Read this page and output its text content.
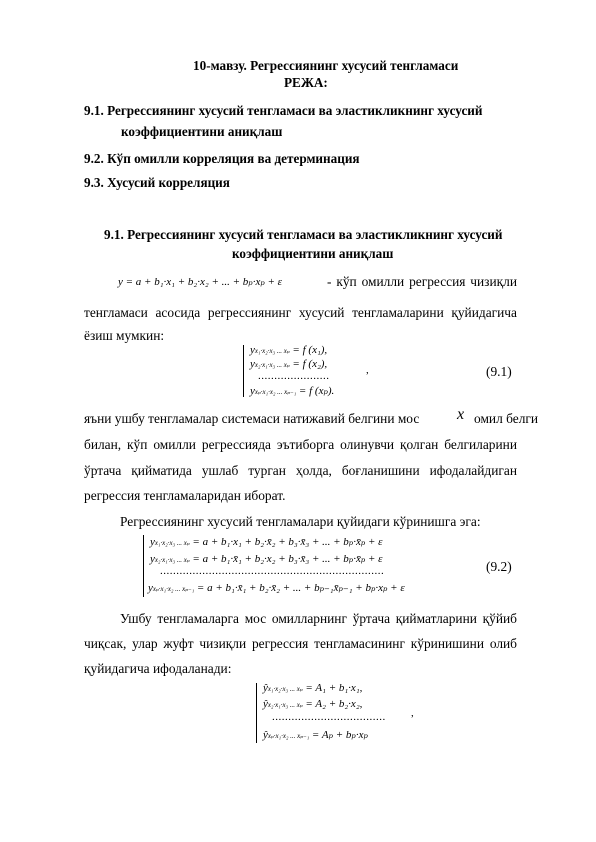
10-мавзу. Регрессиянинг хусусий тенгламаси
РЕЖА:
9.1. Регрессиянинг хусусий тенгламаси ва эластикликнинг хусусий
коэффициентини аниқлаш
9.2. Кўп омилли корреляция ва детерминация
9.3. Хусусий корреляция
9.1. Регрессиянинг хусусий тенгламаси ва эластикликнинг хусусий
коэффициентини аниқлаш
y = a + b₁·x₁ + b₂·x₂ + ... + bₚ·xₚ + ε	- кўп омилли регрессия чизиқли
тенгламаси асосида регрессиянинг хусусий тенгламаларини қуйидагича
ёзиш мумкин:
yx₁·x₂·x₃ ... xₚ = f (x₁),
yx₂·x₁·x₃ ... xₚ = f (x₂),
......................
yxₚ·x₁·x₂ ... xₚ₋₁ = f (xₚ).
,	(9.1)
яъни ушбу тенгламалар системаси натижавий белгини мос x омил белги
билан, кўп омилли регрессияда эътиборга олинувчи қолган белгиларини
ўртача қийматида ушлаб турган ҳолда, боғланишини ифодалайдиган
регрессия тенгламаларидан иборат.
Регрессиянинг хусусий тенгламалари қуйидаги кўринишга эга:
yx₁·x₂·x₃ ... xₚ = a + b₁·x₁ + b₂·x̄₂ + b₃·x̄₃ + ... + bₚ·x̄ₚ + ε
yx₂·x₁·x₃ ... xₚ = a + b₁·x̄₁ + b₂·x₂ + b₃·x̄₃ + ... + bₚ·x̄ₚ + ε
.....................................................................
yxₚ·x₁·x₂ ... xₚ₋₁ = a + b₁·x̄₁ + b₂·x̄₂ + ... + bₚ₋₁x̄ₚ₋₁ + bₚ·xₚ + ε
(9.2)
Ушбу тенгламаларга мос омилларнинг ўртача қийматларини қўйиб
чиқсак, улар жуфт чизиқли регрессия тенгламасининг кўринишини олиб
қуйидагича ифодаланади:
ŷx₁·x₂·x₃ ... xₚ = A₁ + b₁·x₁,
ŷx₂·x₁·x₃ ... xₚ = A₂ + b₂·x₂,
...................................
ŷxₚ·x₁·x₂ ... xₚ₋₁ = Aₚ + bₚ·xₚ
,
